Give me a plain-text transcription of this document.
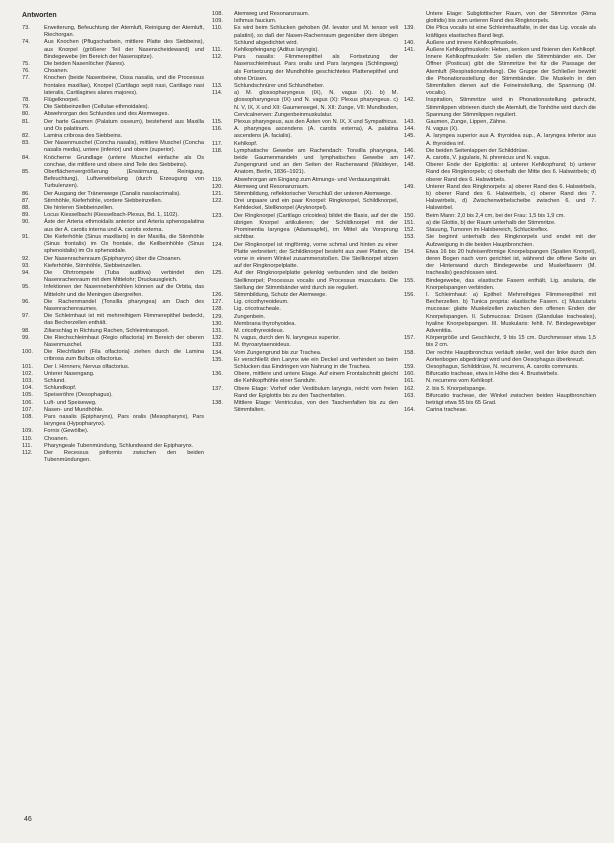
Antworten
73.	Erweiterung, Befeuchtung der Atemluft, Reinigung der Atemluft, Riechorgan.
74.	Aus Knochen (Pflugscharbein, mittlere Platte des Siebbeins), aus Knorpel (größerer Teil der Nasenscheidewand) und Bindegewebe (im Bereich der Nasenspitze).
75.	Die beiden Nasenlöcher (Nares).
76.	Choanen.
77.	Knochen (beide Nasenbeine, Ossa nasalia, und die Processus frontales maxillae), Knorpel (Cartilago septi nasi, Cartilago nasi lateralis, Cartilagines alares majores).
78.	Flügelknorpel.
79.	Die Siebbeinzellen (Cellulae ethmoidales).
80.	Abwehrorgan des Schlundes und des Atemweges.
81.	Der harte Gaumen (Palatum osseum), bestehend aus Maxilla und Os palatinum.
82.	Lamina cribrosa des Siebbeins.
83.	Der Nasenmuschel (Concha nasalis), mittlere Muschel (Concha nasalis media), untere (inferior) und obere (superior).
84.	Knöcherne Grundlage (untere Muschel einfache als Os conchae, die mittlere und obere sind Teile des Siebbeins).
85.	Oberflächenvergrößerung (Erwärmung, Reinigung, Befeuchtung), Luftverwirbelung (durch Erzeugung von Turbulenzen).
86.	Der Ausgang der Tränenwege (Canalis nasolacrimalis).
87.	Stirnhöhle, Kieferhöhle, vordere Siebbeinzellen.
88.	Die hinteren Siebbeinzellen.
89.	Locus Kiesselbachi (Kiesselbach-Plexus, Bd. 1, 1102).
90.	Äste der Arteria ethmoidalis anterior und Arteria sphenopalatina aus der A. carotis interna und A. carotis externa.
91.	Die Kieferhöhle (Sinus maxillaris) in der Maxilla, die Stirnhöhle (Sinus frontalis) im Os frontale, die Keilbeinhöhle (Sinus sphenoidalis) im Os sphenoidale.
92.	Der Nasenrachenraum (Epipharynx) über die Choanen.
93.	Kieferhöhle, Stirnhöhle, Siebbeinzellen.
94.	Die Ohrtrompete (Tuba auditiva) verbindet den Nasenrachenraum mit dem Mittelohr; Druckausgleich.
95.	Infektionen der Nasennebenhöhlen können auf die Orbita, das Mittelohr und die Meningen übergreifen.
96.	Die Rachenmandel (Tonsilla pharyngea) am Dach des Nasenrachenraumes.
97.	Die Schleimhaut ist mit mehrreihigem Flimmerepithel bedeckt, das Becherzellen enthält.
98.	Ziliarschlag in Richtung Rachen, Schleimtransport.
99.	Die Riechschleimhaut (Regio olfactoria) im Bereich der oberen Nasenmuschel.
100.	Die Riechfäden (Fila olfactoria) ziehen durch die Lamina cribrosa zum Bulbus olfactorius.
101.	Der I. Hirnnerv, Nervus olfactorius.
102.	Unterer Nasengang.
103.	Schlund.
104.	Schlundkopf.
105.	Speiseröhre (Oesophagus).
106.	Luft- und Speiseweg.
107.	Nasen- und Mundhöhle.
108.	Pars nasalis (Epipharynx), Pars oralis (Mesopharynx), Pars laryngea (Hypopharynx).
109.	Fornix (Gewölbe).
110.	Choanen.
111.	Pharyngeale Tubenmündung, Schlundwand der Epipharynx.
112.	Der Recessus piriformis zwischen den beiden Tubenmündungen.
108.	Atemweg und Resonanzraum.
109.	Isthmus faucium.
110.	Es wird beim Schlucken gehoben (M. levator und M. tensor veli palatini), so daß der Nasen-Rachenraum gegenüber dem übrigen Schlund abgedichtet wird.
111.	Kehlkopfeingang (Aditus laryngis).
112.	Pars nasalis: Flimmerepithel als Fortsetzung der Nasenschleimhaut. Pars oralis und Pars laryngea (Schlingweg) als Fortsetzung der Mundhöhle geschichtetes Plattenepithel und ohne Drüsen.
113.	Schlundschnürer und Schlundheber.
114.	a) M. glossopharyngeus (IX), N. vagus (X). b) M. glossopharyngeus (IX) und N. vagus (X): Plexus pharyngeus. c) N. V, IX, X und XII: Gaumensegel, N. XII: Zunge, VII: Mundboden, Cervicalnerven: Zungenbeinmuskulatur.
115.	Plexus pharyngeus, aus den Ästen von N. IX, X und Sympathicus.
116.	A. pharyngea ascendens (A. carotis externa), A. palatina ascendens (A. facialis).
117.	Kehlkopf.
118.	Lymphatische Gewebe am Rachendach: Tonsilla pharyngea, beide Gaumenmandeln und lymphatisches Gewebe am Zungengrund und an den Seiten der Rachenwand (Waldeyer, Anatom, Berlin, 1836–1921).
119.	Abwehrorgan am Eingang zum Atmungs- und Verdauungstrakt.
120.	Atemweg und Resonanzraum.
121.	Stimmbildung, reflektorischer Verschluß der unteren Atemwege.
122.	Drei unpaare und ein paar Knorpel: Ringknorpel, Schildknorpel, Kehldeckel, Stellknorpel (Aryknorpel).
123.	Der Ringknorpel (Cartilago cricoidea) bildet die Basis, auf der die übrigen Knorpel artikulieren; der Schildknorpel mit der Prominentia laryngea (Adamsapfel), im Mittel als Vorsprung sichtbar.
124.	Der Ringknorpel ist ringförmig, vorne schmal und hinten zu einer Platte verbreitert; der Schildknorpel besteht aus zwei Platten, die vorne in einem Winkel zusammenstoßen. Die Stellknorpel sitzen auf der Ringknorpelplatte.
125.	Auf der Ringknorpelplatte gelenkig verbunden sind die beiden Stellknorpel; Processus vocalis und Processus muscularis. Die Stellung der Stimmbänder wird durch sie reguliert.
126.	Stimmbildung, Schutz der Atemwege.
127.	Lig. cricothyreoideum.
128.	Lig. cricotracheale.
129.	Zungenbein.
130.	Membrana thyrohyoidea.
131.	M. cricothyreoideus.
132.	N. vagus, durch den N. laryngeus superior.
133.	M. thyroarytaenoideus.
134.	Vom Zungengrund bis zur Trachea.
135.	Er verschließt den Larynx wie ein Deckel und verhindert so beim Schlucken das Eindringen von Nahrung in die Trachea.
136.	Obere, mittlere und untere Etage. Auf einem Frontalschnitt gleicht die Kehlkopfhöhle einer Sanduhr.
137.	Obere Etage: Vorhof oder Vestibulum laryngis, reicht vom freien Rand der Epiglottis bis zu den Taschenfalten.
138.	Mittlere Etage: Ventriculus, von den Taschenfalten bis zu den Stimmfalten.
Untere Etage: Subglottischer Raum, von der Stimmritze (Rima glottidis) bis zum unteren Rand des Ringknorpels.
139.	Die Plica vocalis ist eine Schleimhautfalte, in der das Lig. vocale als kräftiges elastisches Band liegt.
140.	Äußere und innere Kehlkopfmuskeln.
141.	Äußere Kehlkopfmuskeln: Heben, senken und fixieren den Kehlkopf. Innere Kehlkopfmuskeln: Sie stellen die Stimmbänder ein. Der Öffner (Posticus) gibt die Stimmritze frei für die Passage der Atemluft (Respirationsstellung). Die Gruppe der Schließer bewirkt die Phonationsstellung der Stimmbänder. Die Muskeln in den Stimmfalten dienen auf die Feineinstellung, die Spannung (M. vocalis).
142.	Inspiration, Stimmritze wird in Phonationsstellung gebracht, Stimmlippen vibrieren durch die Atemluft, die Tonhöhe wird durch die Spannung der Stimmlippen reguliert.
143.	Gaumen, Zunge, Lippen, Zähne.
144.	N. vagus (X).
145.	A. laryngea superior aus A. thyroidea sup., A. laryngea inferior aus A. thyroidea inf.
146.	Die beiden Seitenlappen der Schilddrüse.
147.	A. carotis, V. jugularis, N. phrenicus und N. vagus.
148.	Oberer Ende der Epiglottis: a) unterer Kehlkopfrand; b) unterer Rand des Ringknorpels; c) oberhalb der Mitte des 6. Halswirbels; d) oberer Rand des 6. Halswirbels.
149.	Unterer Rand des Ringknorpels: a) oberer Rand des 6. Halswirbels, b) oberer Rand des 6. Halswirbels, c) oberer Rand des 7. Halswirbels, d) Zwischenwirbelscheibe zwischen 6. und 7. Halswirbel.
150.	Beim Mann: 2,0 bis 2,4 cm, bei der Frau: 1,5 bis 1,9 cm.
151.	a) die Glottis, b) der Raum unterhalb der Stimmritze.
152.	Stauung, Tumoren im Halsbereich, Schluckreflex.
153.	Sie beginnt unterhalb des Ringknorpels und endet mit der Aufzweigung in die beiden Hauptbronchien.
154.	Etwa 16 bis 20 hufeisenförmige Knorpelspangen (Spatien Knorpel), deren Bogen nach vorn gerichtet ist, während die offene Seite an der Hinterwand durch Bindegewebe und Muskelfasern (M. trachealis) geschlossen wird.
155.	Bindegewebe, das elastische Fasern enthält, Lig. anularia, die Knorpelspangen verbinden.
156.	I. Schleimhaut: a) Epithel: Mehrreihiges Flimmerepithel mit Becherzellen. b) Tunica propria: elastische Fasern. c) Muscularis mucosae: glatte Muskelzellen zwischen den offenen Enden der Knorpelspangen. II. Submucosa: Drüsen (Glandulae tracheales), hyaline Knorpelspangen. III. Muskularis: fehlt. IV. Bindegewebiger Adventitia.
157.	Körpergröße und Geschlecht, 9 bis 15 cm. Durchmesser etwa 1,5 bis 2 cm.
158.	Der rechte Hauptbronchus verläuft steiler, weil der linke durch den Aortenbogen abgedrängt wird und den Oesophagus überkreuzt.
159.	Oesophagus, Schilddrüse, N. recurrens, A. carotis communis.
160.	Bifurcatio tracheae, etwa in Höhe des 4. Brustwirbels.
161.	N. recurrens vom Kehlkopf.
162.	2. bis 5. Knorpelspange.
163.	Bifurcatio tracheae, der Winkel zwischen beiden Hauptbronchien beträgt etwa 55 bis 65 Grad.
164.	Carina tracheae.
46
